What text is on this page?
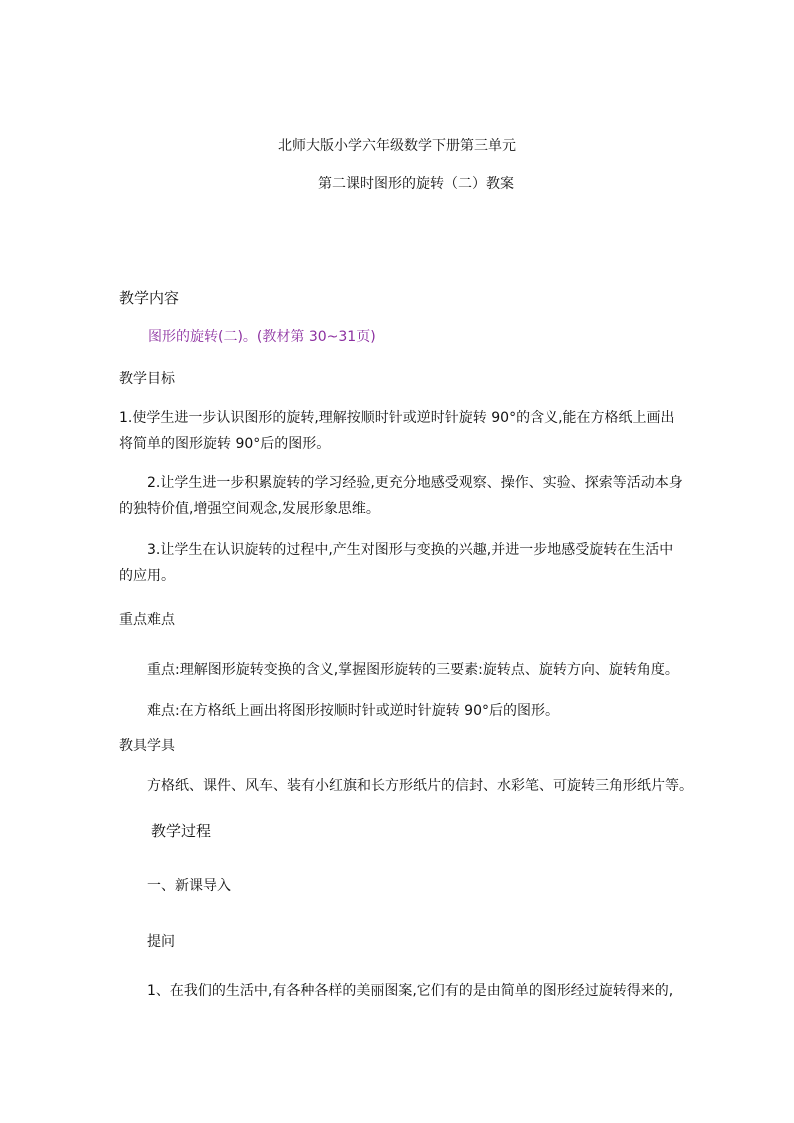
北师大版小学六年级数学下册第三单元
第二课时图形的旋转（二）教案
教学内容
图形的旋转(二)。(教材第 30~31页)
教学目标
1.使学生进一步认识图形的旋转,理解按顺时针或逆时针旋转 90°的含义,能在方格纸上画出
将简单的图形旋转 90°后的图形。
2.让学生进一步积累旋转的学习经验,更充分地感受观察、操作、实验、探索等活动本身
的独特价值,增强空间观念,发展形象思维。
3.让学生在认识旋转的过程中,产生对图形与变换的兴趣,并进一步地感受旋转在生活中
的应用。
重点难点
重点:理解图形旋转变换的含义,掌握图形旋转的三要素:旋转点、旋转方向、旋转角度。
难点:在方格纸上画出将图形按顺时针或逆时针旋转 90°后的图形。
教具学具
方格纸、课件、风车、装有小红旗和长方形纸片的信封、水彩笔、可旋转三角形纸片等。
教学过程
一、新课导入
提问
1、在我们的生活中,有各种各样的美丽图案,它们有的是由简单的图形经过旋转得来的,
